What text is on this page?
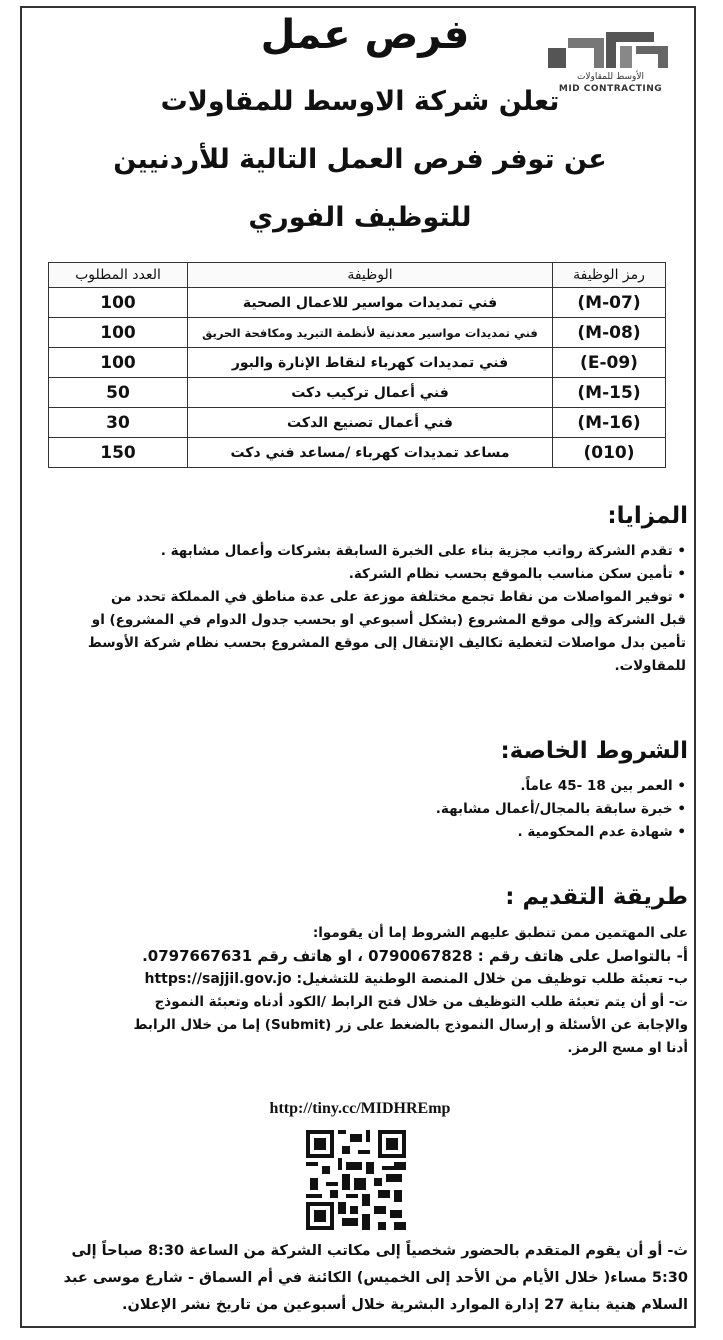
الأوسط للمقاولات
MID CONTRACTING
فرص عمل
تعلن شركة الاوسط للمقاولات
عن توفر فرص العمل التالية للأردنيين
للتوظيف الفوري
رمز الوظيفة	الوظيفة	العدد المطلوب
(M-07)	فني تمديدات مواسير للاعمال الصحية	100
(M-08)	فني تمديدات مواسير معدنية لأنظمة التبريد ومكافحة الحريق	100
(E-09)	فني تمديدات كهرباء لنقاط الإنارة والبور	100
(M-15)	فني أعمال تركيب دكت	50
(M-16)	فني أعمال تصنيع الدكت	30
(010)	مساعد تمديدات كهرباء /مساعد فني دكت	150
المزايا:
• تقدم الشركة رواتب مجزية بناء على الخبرة السابقة بشركات وأعمال مشابهة .
• تأمين سكن مناسب بالموقع بحسب نظام الشركة.
• توفير المواصلات من نقاط تجمع مختلفة موزعة على عدة مناطق في المملكة تحدد من
قبل الشركة وإلى موقع المشروع (بشكل أسبوعي او بحسب جدول الدوام في المشروع) او
تأمين بدل مواصلات لتغطية تكاليف الإنتقال إلى موقع المشروع بحسب نظام شركة الأوسط
للمقاولات.
الشروط الخاصة:
• العمر بين 18 -45 عاماً.
• خبرة سابقة بالمجال/أعمال مشابهة.
• شهادة عدم المحكومية .
طريقة التقديم :
على المهتمين ممن تنطبق عليهم الشروط إما أن يقوموا:
أ- بالتواصل على هاتف رقم : 0790067828 ، او هاتف رقم 0797667631.
ب- تعبئة طلب توظيف من خلال المنصة الوطنية للتشغيل: https://sajjil.gov.jo
ت- أو أن يتم تعبئة طلب التوظيف من خلال فتح الرابط /الكود أدناه وتعبئة النموذج
والإجابة عن الأسئلة و إرسال النموذج بالضغط على زر (Submit) إما من خلال الرابط
أدنا او مسح الرمز.
http://tiny.cc/MIDHREmp
ث- أو أن يقوم المتقدم بالحضور شخصياً إلى مكاتب الشركة من الساعة 8:30 صباحاً إلى
5:30 مساء( خلال الأيام من الأحد إلى الخميس) الكائنة في أم السماق - شارع موسى عبد
السلام هنية بناية 27 إدارة الموارد البشرية خلال أسبوعين من تاريخ نشر الإعلان.
